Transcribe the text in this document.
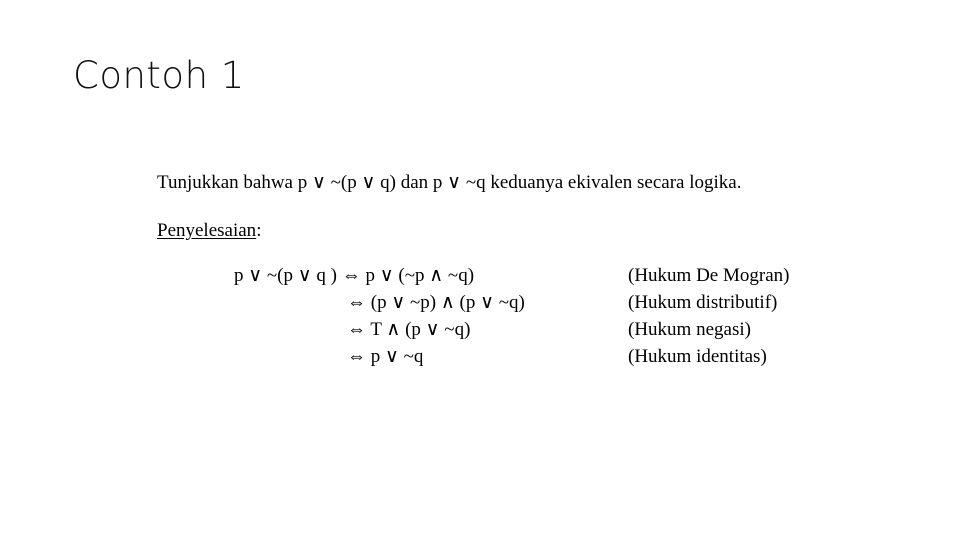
Contoh 1
Tunjukkan bahwa p ∨ ~(p ∨ q) dan p ∨ ~q keduanya ekivalen secara logika.
Penyelesaian:
p ∨ ~(p ∨ q ) ⇔ p ∨ (~p ∧ ~q)	(Hukum De Mogran)
⇔ (p ∨ ~p) ∧ (p ∨ ~q)	(Hukum distributif)
⇔ T ∧ (p ∨ ~q)	(Hukum negasi)
⇔ p ∨ ~q	(Hukum identitas)
